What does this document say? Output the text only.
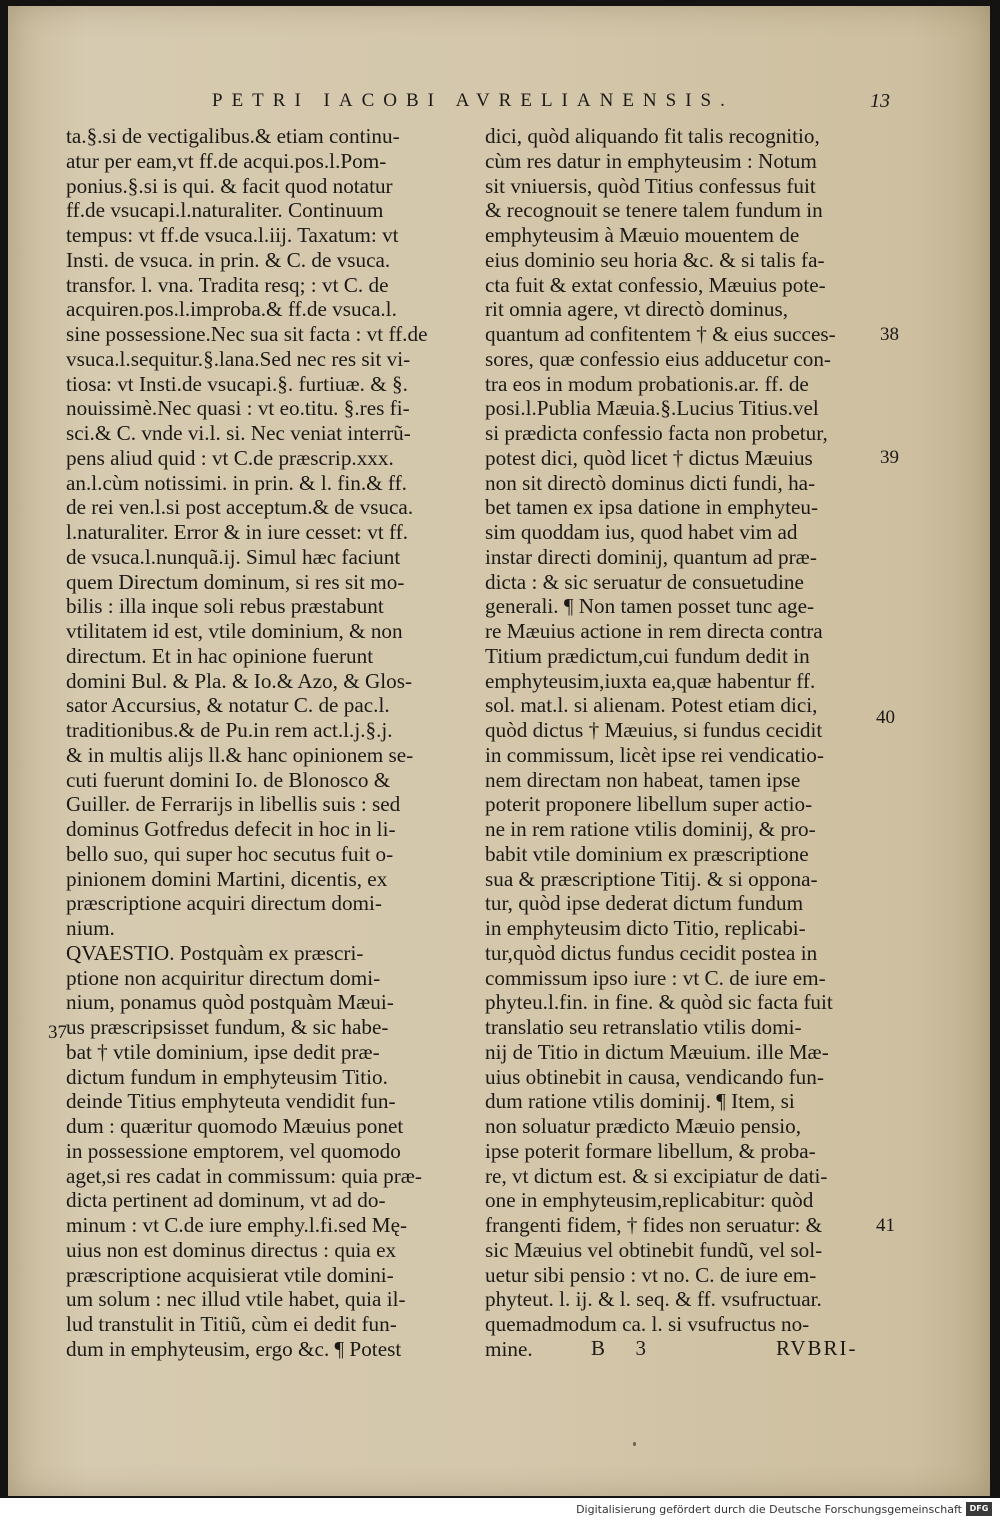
PETRI IACOBI AVRELIANENSIS.	13
ta.§.si de vectigalibus.& etiam continu-
atur per eam,vt ff.de acqui.pos.l.Pom-
ponius.§.si is qui. & facit quod notatur
ff.de vsucapi.l.naturaliter. Continuum
tempus: vt ff.de vsuca.l.iij. Taxatum: vt
Insti. de vsuca. in prin. & C. de vsuca.
transfor. l. vna. Tradita resq; : vt C. de
acquiren.pos.l.improba.& ff.de vsuca.l.
sine possessione.Nec sua sit facta : vt ff.de
vsuca.l.sequitur.§.lana.Sed nec res sit vi-
tiosa: vt Insti.de vsucapi.§. furtiuæ. & §.
nouissimè.Nec quasi : vt eo.titu. §.res fi-
sci.& C. vnde vi.l. si. Nec veniat interrũ-
pens aliud quid : vt C.de præscrip.xxx.
an.l.cùm notissimi. in prin. & l. fin.& ff.
de rei ven.l.si post acceptum.& de vsuca.
l.naturaliter. Error & in iure cesset: vt ff.
de vsuca.l.nunquã.ij. Simul hæc faciunt
quem Directum dominum, si res sit mo-
bilis : illa inque soli rebus præstabunt
vtilitatem id est, vtile dominium, & non
directum. Et in hac opinione fuerunt
domini Bul. & Pla. & Io.& Azo, & Glos-
sator Accursius, & notatur C. de pac.l.
traditionibus.& de Pu.in rem act.l.j.§.j.
& in multis alijs ll.& hanc opinionem se-
cuti fuerunt domini Io. de Blonosco &
Guiller. de Ferrarijs in libellis suis : sed
dominus Gotfredus defecit in hoc in li-
bello suo, qui super hoc secutus fuit o-
pinionem domini Martini, dicentis, ex
præscriptione acquiri directum domi-
nium.
QVAESTIO. Postquàm ex præscri-
ptione non acquiritur directum domi-
nium, ponamus quòd postquàm Mæui-
us præscripsisset fundum, & sic habe-
bat † vtile dominium, ipse dedit præ-
dictum fundum in emphyteusim Titio.
deinde Titius emphyteuta vendidit fun-
dum : quæritur quomodo Mæuius ponet
in possessione emptorem, vel quomodo
aget,si res cadat in commissum: quia præ-
dicta pertinent ad dominum, vt ad do-
minum : vt C.de iure emphy.l.fi.sed Mę-
uius non est dominus directus : quia ex
præscriptione acquisierat vtile domini-
um solum : nec illud vtile habet, quia il-
lud transtulit in Titiũ, cùm ei dedit fun-
dum in emphyteusim, ergo &c. ¶ Potest
dici, quòd aliquando fit talis recognitio,
cùm res datur in emphyteusim : Notum
sit vniuersis, quòd Titius confessus fuit
& recognouit se tenere talem fundum in
emphyteusim à Mæuio mouentem de
eius dominio seu horia &c. & si talis fa-
cta fuit & extat confessio, Mæuius pote-
rit omnia agere, vt directò dominus,
quantum ad confitentem † & eius succes-
sores, quæ confessio eius adducetur con-
tra eos in modum probationis.ar. ff. de
posi.l.Publia Mæuia.§.Lucius Titius.vel
si prædicta confessio facta non probetur,
potest dici, quòd licet † dictus Mæuius
non sit directò dominus dicti fundi, ha-
bet tamen ex ipsa datione in emphyteu-
sim quoddam ius, quod habet vim ad
instar directi dominij, quantum ad præ-
dicta : & sic seruatur de consuetudine
generali. ¶ Non tamen posset tunc age-
re Mæuius actione in rem directa contra
Titium prædictum,cui fundum dedit in
emphyteusim,iuxta ea,quæ habentur ff.
sol. mat.l. si alienam. Potest etiam dici,
quòd dictus † Mæuius, si fundus cecidit
in commissum, licèt ipse rei vendicatio-
nem directam non habeat, tamen ipse
poterit proponere libellum super actio-
ne in rem ratione vtilis dominij, & pro-
babit vtile dominium ex præscriptione
sua & præscriptione Titij. & si oppona-
tur, quòd ipse dederat dictum fundum
in emphyteusim dicto Titio, replicabi-
tur,quòd dictus fundus cecidit postea in
commissum ipso iure : vt C. de iure em-
phyteu.l.fin. in fine. & quòd sic facta fuit
translatio seu retranslatio vtilis domi-
nij de Titio in dictum Mæuium. ille Mæ-
uius obtinebit in causa, vendicando fun-
dum ratione vtilis dominij. ¶ Item, si
non soluatur prædicto Mæuio pensio,
ipse poterit formare libellum, & proba-
re, vt dictum est. & si excipiatur de dati-
one in emphyteusim,replicabitur: quòd
frangenti fidem, † fides non seruatur: &
sic Mæuius vel obtinebit fundũ, vel sol-
uetur sibi pensio : vt no. C. de iure em-
phyteut. l. ij. & l. seq. & ff. vsufructuar.
quemadmodum ca. l. si vsufructus no-
mine.
37
38
39
40
41
B 3	RVBRI-
Digitalisierung gefördert durch die Deutsche Forschungsgemeinschaft DFG
